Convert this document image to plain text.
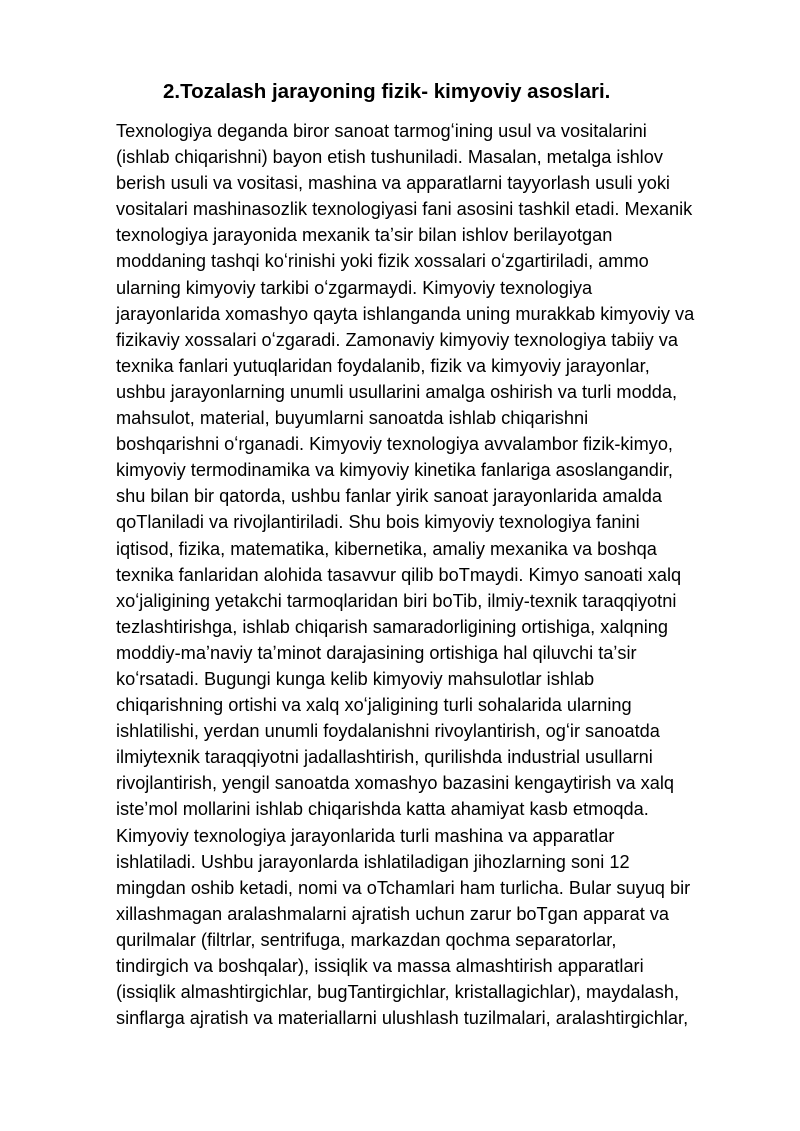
2.Tozalash jarayoning fizik- kimyoviy asoslari.
Texnologiya deganda biror sanoat tarmogʻining usul va vositalarini
(ishlab chiqarishni) bayon etish tushuniladi. Masalan, metalga ishlov
berish usuli va vositasi, mashina va apparatlarni tayyorlash usuli yoki
vositalari mashinasozlik texnologiyasi fani asosini tashkil etadi. Mexanik
texnologiya jarayonida mexanik taʼsir bilan ishlov berilayotgan
moddaning tashqi koʻrinishi yoki fizik xossalari oʻzgartiriladi, ammo
ularning kimyoviy tarkibi oʻzgarmaydi. Kimyoviy texnologiya
jarayonlarida xomashyo qayta ishlanganda uning murakkab kimyoviy va
fizikaviy xossalari oʻzgaradi. Zamonaviy kimyoviy texnologiya tabiiy va
texnika fanlari yutuqlaridan foydalanib, fizik va kimyoviy jarayonlar,
ushbu jarayonlarning unumli usullarini amalga oshirish va turli modda,
mahsulot, material, buyumlarni sanoatda ishlab chiqarishni
boshqarishni oʻrganadi. Kimyoviy texnologiya avvalambor fizik-kimyo,
kimyoviy termodinamika va kimyoviy kinetika fanlariga asoslangandir,
shu bilan bir qatorda, ushbu fanlar yirik sanoat jarayonlarida amalda
qoTlaniladi va rivojlantiriladi. Shu bois kimyoviy texnologiya fanini
iqtisod, fizika, matematika, kibernetika, amaliy mexanika va boshqa
texnika fanlaridan alohida tasavvur qilib boTmaydi. Kimyo sanoati xalq
xoʻjaligining yetakchi tarmoqlaridan biri boTib, ilmiy-texnik taraqqiyotni
tezlashtirishga, ishlab chiqarish samaradorligining ortishiga, xalqning
moddiy-maʼnaviy taʼminot darajasining ortishiga hal qiluvchi taʼsir
koʻrsatadi. Bugungi kunga kelib kimyoviy mahsulotlar ishlab
chiqarishning ortishi va xalq xoʻjaligining turli sohalarida ularning
ishlatilishi, yerdan unumli foydalanishni rivoylantirish, ogʻir sanoatda
ilmiytexnik taraqqiyotni jadallashtirish, qurilishda industrial usullarni
rivojlantirish, yengil sanoatda xomashyo bazasini kengaytirish va xalq
isteʼmol mollarini ishlab chiqarishda katta ahamiyat kasb etmoqda.
Kimyoviy texnologiya jarayonlarida turli mashina va apparatlar
ishlatiladi. Ushbu jarayonlarda ishlatiladigan jihozlarning soni 12
mingdan oshib ketadi, nomi va oTchamlari ham turlicha. Bular suyuq bir
xillashmagan aralashmalarni ajratish uchun zarur boTgan apparat va
qurilmalar (filtrlar, sentrifuga, markazdan qochma separatorlar,
tindirgich va boshqalar), issiqlik va massa almashtirish apparatlari
(issiqlik almashtirgichlar, bugTantirgichlar, kristallagichlar), maydalash,
sinflarga ajratish va materiallarni ulushlash tuzilmalari, aralashtirgichlar,
